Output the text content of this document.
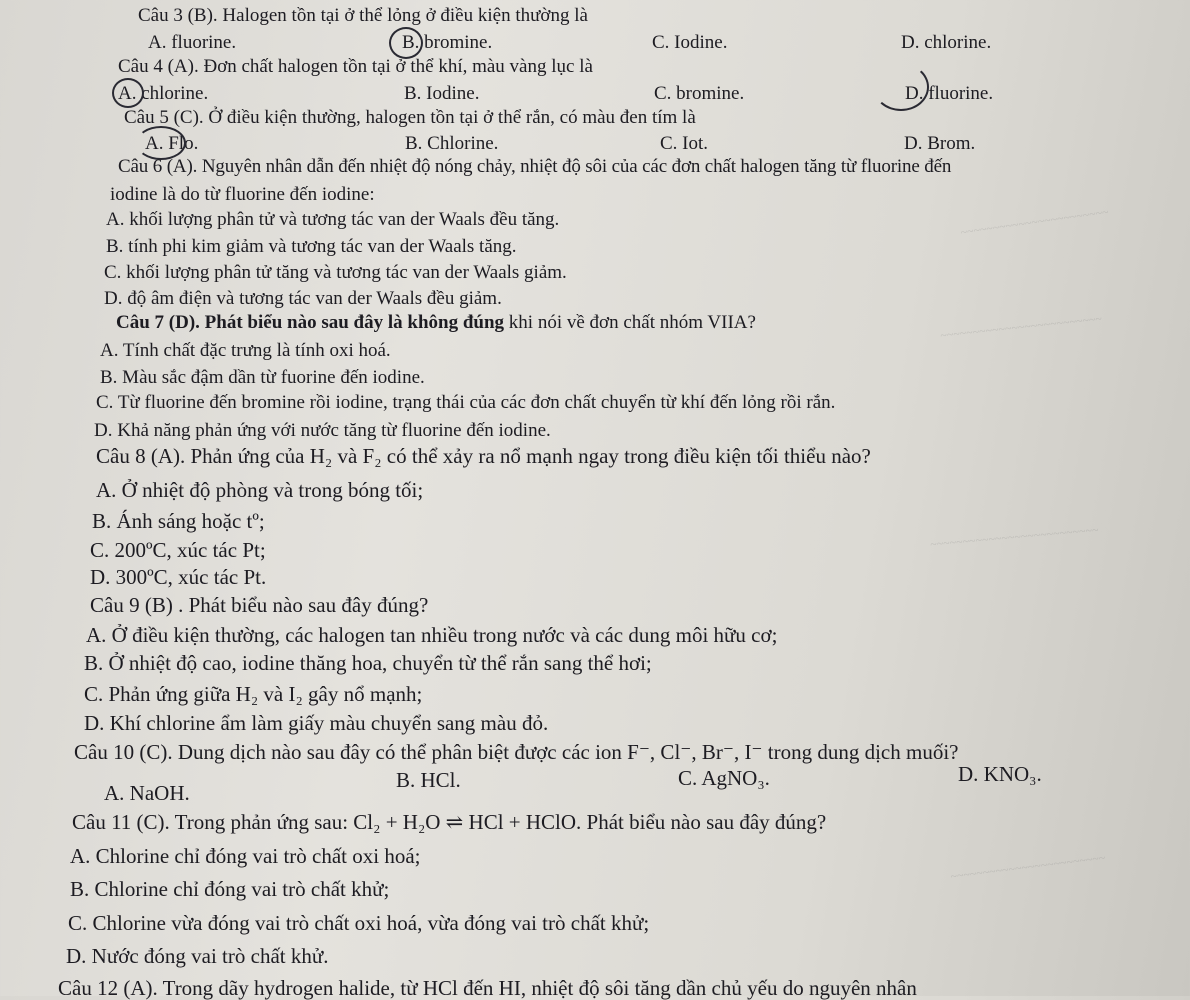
~~~~~~~~~~~~~~~~~~~~~~~
~~~~~~~~~~~~~~~~~~~~~~~~~
~~~~~~~~~~~~~~~~~~~~~~~~~~
~~~~~~~~~~~~~~~~~~~~~~~~
Câu 3 (B). Halogen tồn tại ở thể lỏng ở điều kiện thường là
A. fluorine.	B. bromine.	C. Iodine.	D. chlorine.
Câu 4 (A). Đơn chất halogen tồn tại ở thể khí, màu vàng lục là
A. chlorine.	B. Iodine.	C. bromine.	D. fluorine.
Câu 5 (C). Ở điều kiện thường, halogen tồn tại ở thể rắn, có màu đen tím là
A. Flo.	B. Chlorine.	C. Iot.	D. Brom.
Câu 6 (A). Nguyên nhân dẫn đến nhiệt độ nóng chảy, nhiệt độ sôi của các đơn chất halogen tăng từ fluorine đến
iodine là do từ fluorine đến iodine:
A. khối lượng phân tử và tương tác van der Waals đều tăng.
B. tính phi kim giảm và tương tác van der Waals tăng.
C. khối lượng phân tử tăng và tương tác van der Waals giảm.
D. độ âm điện và tương tác van der Waals đều giảm.
Câu 7 (D). Phát biểu nào sau đây là không đúng khi nói về đơn chất nhóm VIIA?
A. Tính chất đặc trưng là tính oxi hoá.
B. Màu sắc đậm dần từ fuorine đến iodine.
C. Từ fluorine đến bromine rồi iodine, trạng thái của các đơn chất chuyển từ khí đến lỏng rồi rắn.
D. Khả năng phản ứng với nước tăng từ fluorine đến iodine.
Câu 8 (A). Phản ứng của H₂ và F₂ có thể xảy ra nổ mạnh ngay trong điều kiện tối thiểu nào?
A. Ở nhiệt độ phòng và trong bóng tối;
B. Ánh sáng hoặc tº;
C. 200ºC, xúc tác Pt;
D. 300ºC, xúc tác Pt.
Câu 9 (B) . Phát biểu nào sau đây đúng?
A. Ở điều kiện thường, các halogen tan nhiều trong nước và các dung môi hữu cơ;
B. Ở nhiệt độ cao, iodine thăng hoa, chuyển từ thể rắn sang thể hơi;
C. Phản ứng giữa H₂ và I₂ gây nổ mạnh;
D. Khí chlorine ẩm làm giấy màu chuyển sang màu đỏ.
Câu 10 (C). Dung dịch nào sau đây có thể phân biệt được các ion F⁻, Cl⁻, Br⁻, I⁻ trong dung dịch muối?
A. NaOH.
B. HCl.	C. AgNO₃.	D. KNO₃.
Câu 11 (C). Trong phản ứng sau: Cl₂ + H₂O ⇌ HCl + HClO. Phát biểu nào sau đây đúng?
A. Chlorine chỉ đóng vai trò chất oxi hoá;
B. Chlorine chỉ đóng vai trò chất khử;
C. Chlorine vừa đóng vai trò chất oxi hoá, vừa đóng vai trò chất khử;
D. Nước đóng vai trò chất khử.
Câu 12 (A). Trong dãy hydrogen halide, từ HCl đến HI, nhiệt độ sôi tăng dần chủ yếu do nguyên nhân
